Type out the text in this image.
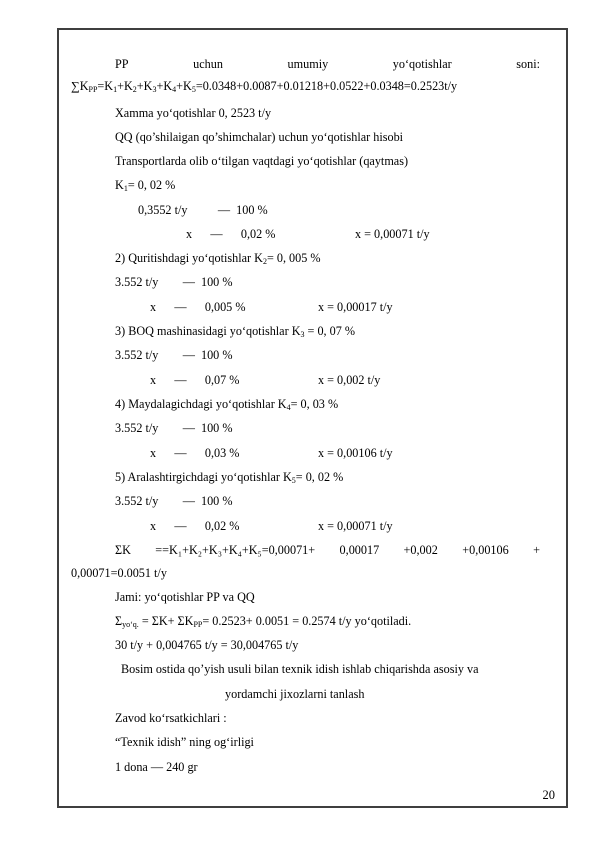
PP	uchun	umumiy	yo‘qotishlar	soni:
$\sum K_{PP}=K_1+K_2+K_3+K_4+K_5=0.0348+0.0087+0.01218+0.0522+0.0348=0.2523t/y$
Xamma yo‘qotishlar 0, 2523 t/y
QQ (qo’shilaigan qo’shimchalar) uchun yo‘qotishlar hisobi
Transportlarda olib o‘tilgan vaqtdagi yo‘qotishlar (qaytmas)
$K_1= 0$, 02 %
0,3552 t/y          —  100 %
x      —      0,02 %	x = 0,00071 t/y
2) Quritishdagi yo‘qotishlar $K_2= 0$, 005 %
3.552 t/y        —  100 %
x      —      0,005 %	x = 0,00017 t/y
3) BOQ mashinasidagi yo‘qotishlar $K_3 = 0$, 07 %
3.552 t/y        —  100 %
x      —      0,07 %	x = 0,002 t/y
4) Maydalagichdagi yo‘qotishlar $K_4= 0$, 03 %
3.552 t/y        —  100 %
x      —      0,03 %	x = 0,00106 t/y
5) Aralashtirgichdagi yo‘qotishlar $K_5= 0$, 02 %
3.552 t/y        —  100 %
x      —      0,02 %	x = 0,00071 t/y
ΣK ==K₁+K₂+K₃+K₄+K₅=0,00071+ 0,00017 +0,002 +0,00106 +
0,00071=0.0051 t/y
Jami: yo‘qotishlar PP va QQ
$\Sigma_{yo‘q.} = \Sigma K+ \Sigma K_{PP}= 0.2523+ 0.0051 = 0.2574$ t/y yo‘qotiladi.
30 t/y + 0,004765 t/y = 30,004765 t/y
Bosim ostida qo’yish usuli bilan texnik idish ishlab chiqarishda asosiy va
yordamchi jixozlarni tanlash
Zavod ko‘rsatkichlari :
“Texnik idish” ning og‘irligi
1 dona — 240 gr
20
